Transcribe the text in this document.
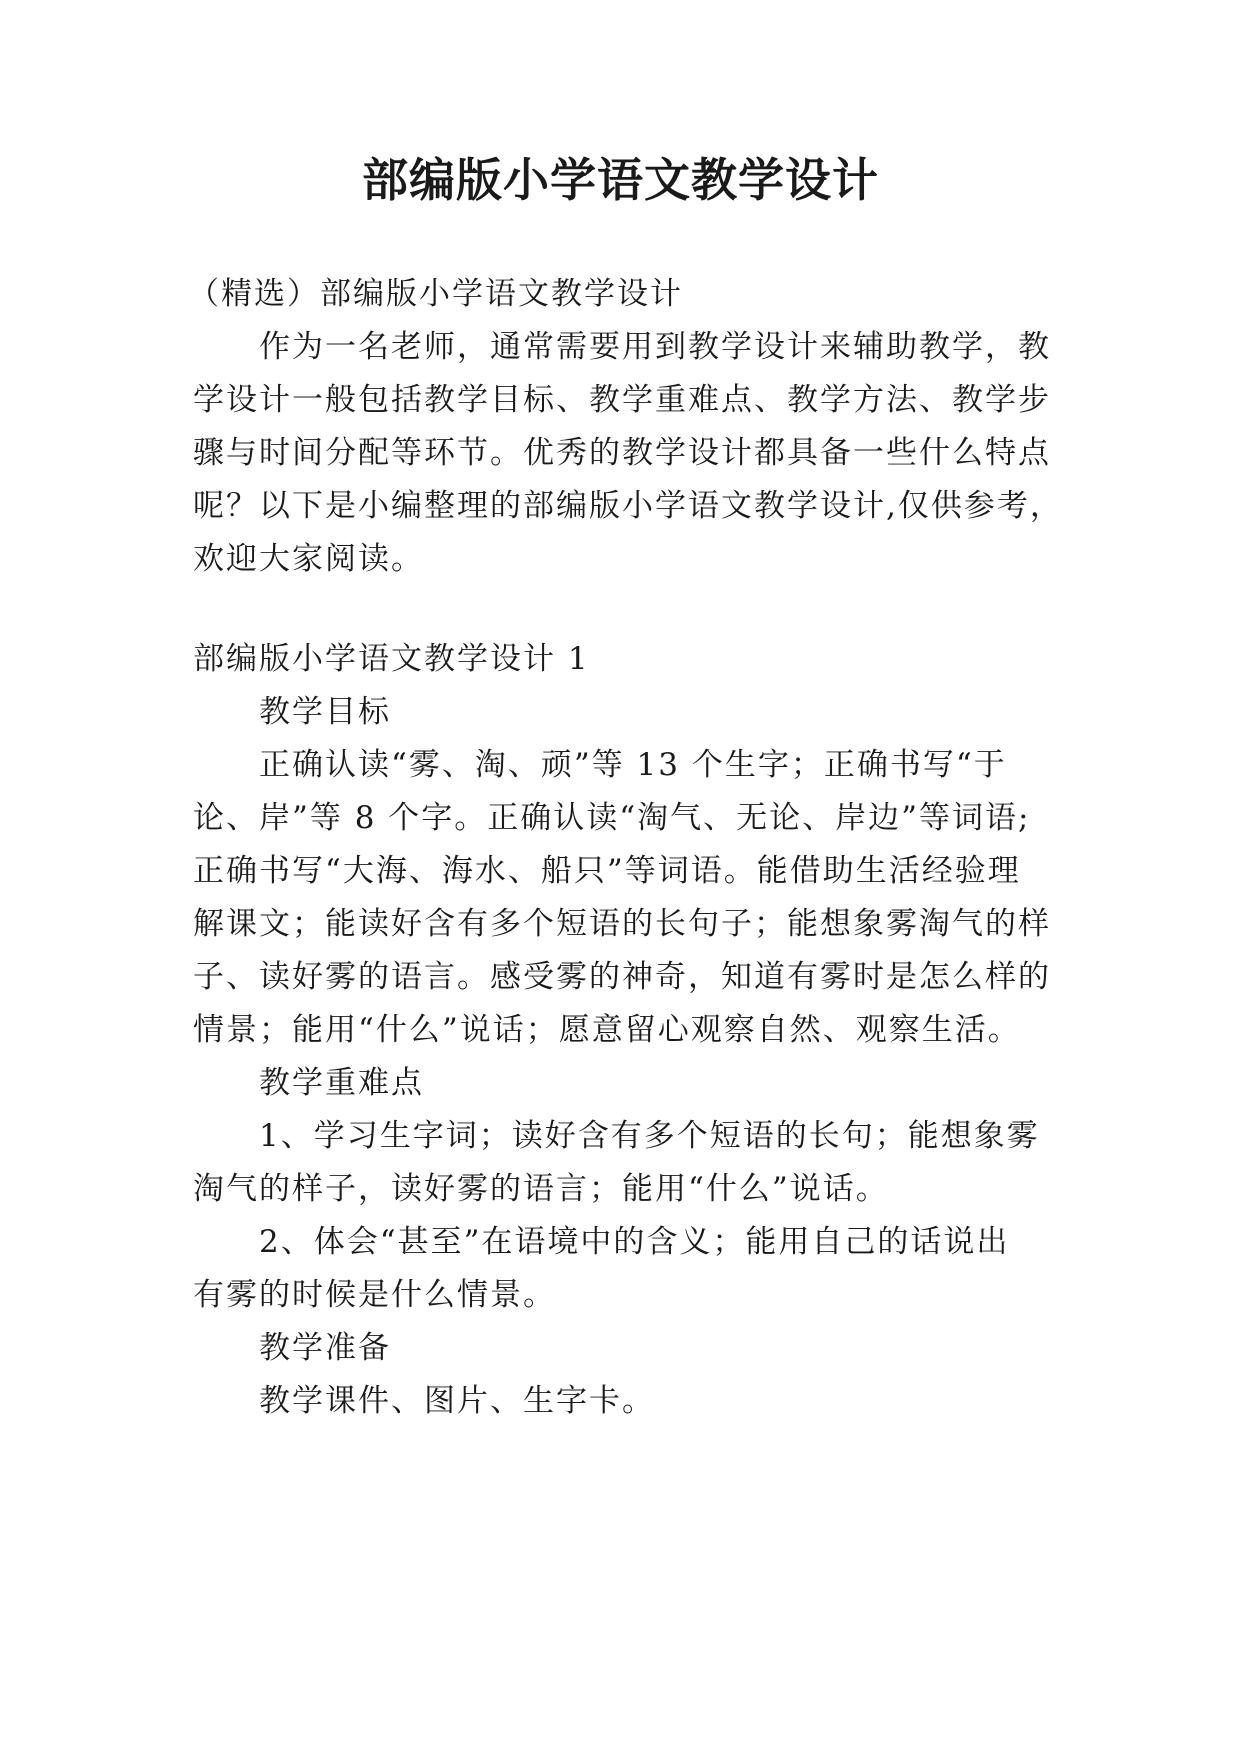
部编版小学语文教学设计
（精选）部编版小学语文教学设计
作为一名老师，通常需要用到教学设计来辅助教学，教
学设计一般包括教学目标、教学重难点、教学方法、教学步
骤与时间分配等环节。优秀的教学设计都具备一些什么特点
呢？以下是小编整理的部编版小学语文教学设计,仅供参考，
欢迎大家阅读。
部编版小学语文教学设计 1
教学目标
正确认读“雾、淘、顽”等 13 个生字；正确书写“于
论、岸”等 8 个字。正确认读“淘气、无论、岸边”等词语;
正确书写“大海、海水、船只”等词语。能借助生活经验理
解课文；能读好含有多个短语的长句子；能想象雾淘气的样
子、读好雾的语言。感受雾的神奇，知道有雾时是怎么样的
情景；能用“什么”说话；愿意留心观察自然、观察生活。
教学重难点
1、学习生字词；读好含有多个短语的长句；能想象雾
淘气的样子，读好雾的语言；能用“什么”说话。
2、体会“甚至”在语境中的含义；能用自己的话说出
有雾的时候是什么情景。
教学准备
教学课件、图片、生字卡。
